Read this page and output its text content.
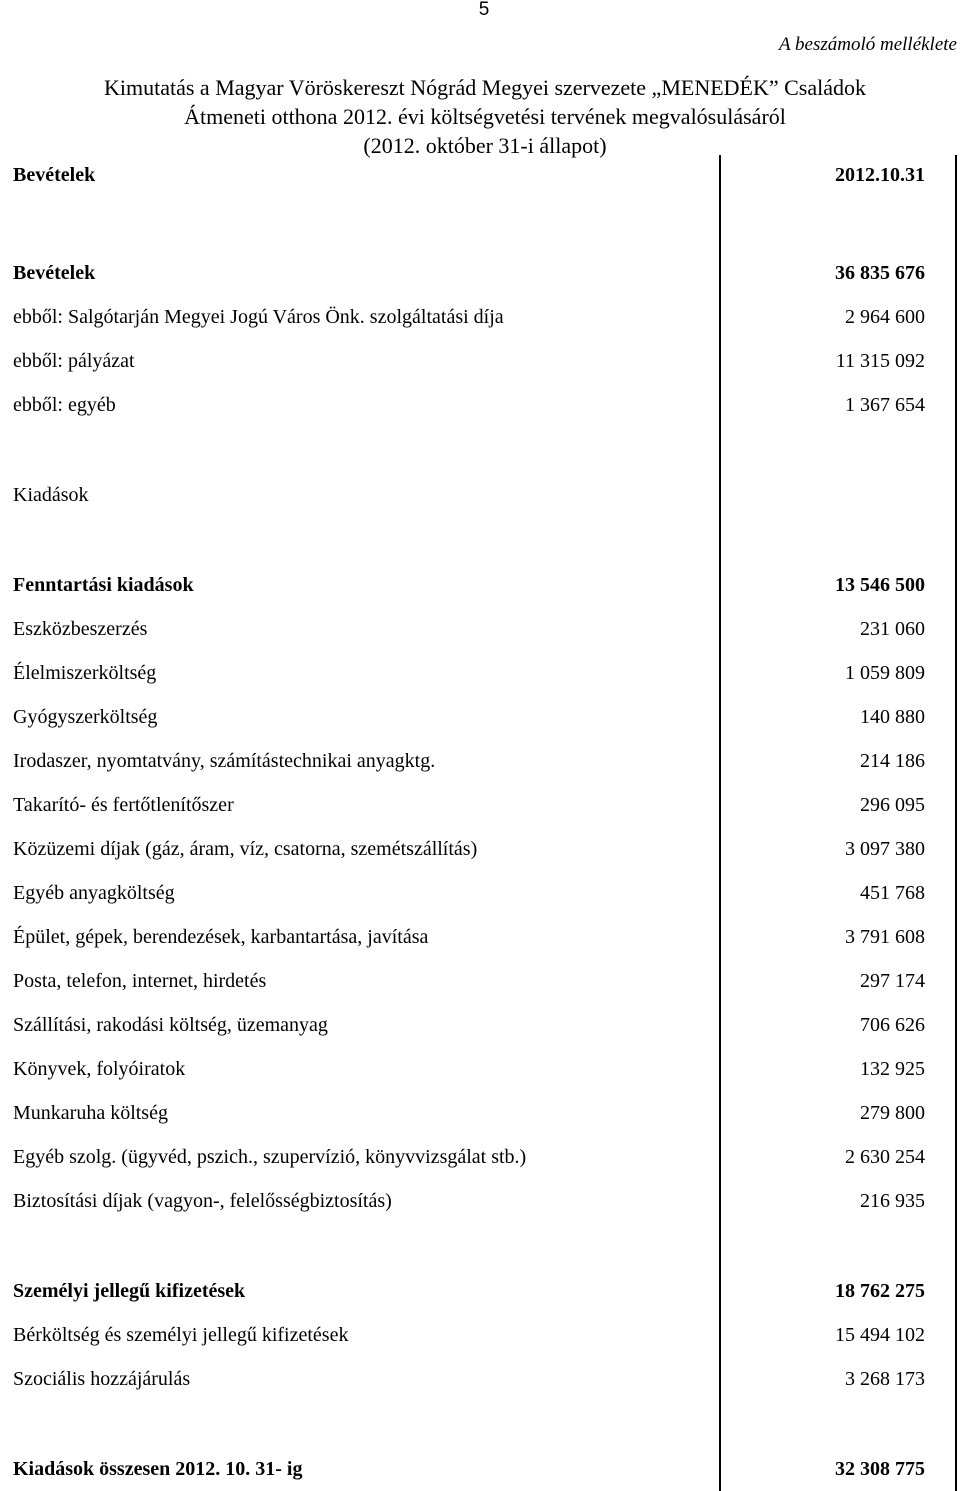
5
A beszámoló melléklete
Kimutatás a Magyar Vöröskereszt Nógrád Megyei szervezete „MENEDÉK” Családok
Átmeneti otthona 2012. évi költségvetési tervének megvalósulásáról
(2012. október 31-i állapot)
Bevételek	2012.10.31

Bevételek	36 835 676
ebből: Salgótarján Megyei Jogú Város Önk. szolgáltatási díja	2 964 600
ebből: pályázat	11 315 092
ebből: egyéb	1 367 654

Kiadások	

Fenntartási kiadások	13 546 500
Eszközbeszerzés	231 060
Élelmiszerköltség	1 059 809
Gyógyszerköltség	140 880
Irodaszer, nyomtatvány, számítástechnikai anyagktg.	214 186
Takarító- és fertőtlenítőszer	296 095
Közüzemi díjak (gáz, áram, víz, csatorna, szemétszállítás)	3 097 380
Egyéb anyagköltség	451 768
Épület, gépek, berendezések, karbantartása, javítása	3 791 608
Posta, telefon, internet, hirdetés	297 174
Szállítási, rakodási költség, üzemanyag	706 626
Könyvek, folyóiratok	132 925
Munkaruha költség	279 800
Egyéb szolg. (ügyvéd, pszich., szupervízió, könyvvizsgálat stb.)	2 630 254
Biztosítási díjak (vagyon-, felelősségbiztosítás)	216 935

Személyi jellegű kifizetések	18 762 275
Bérköltség és személyi jellegű kifizetések	15 494 102
Szociális hozzájárulás	3 268 173

Kiadások összesen 2012. 10. 31- ig	32 308 775
